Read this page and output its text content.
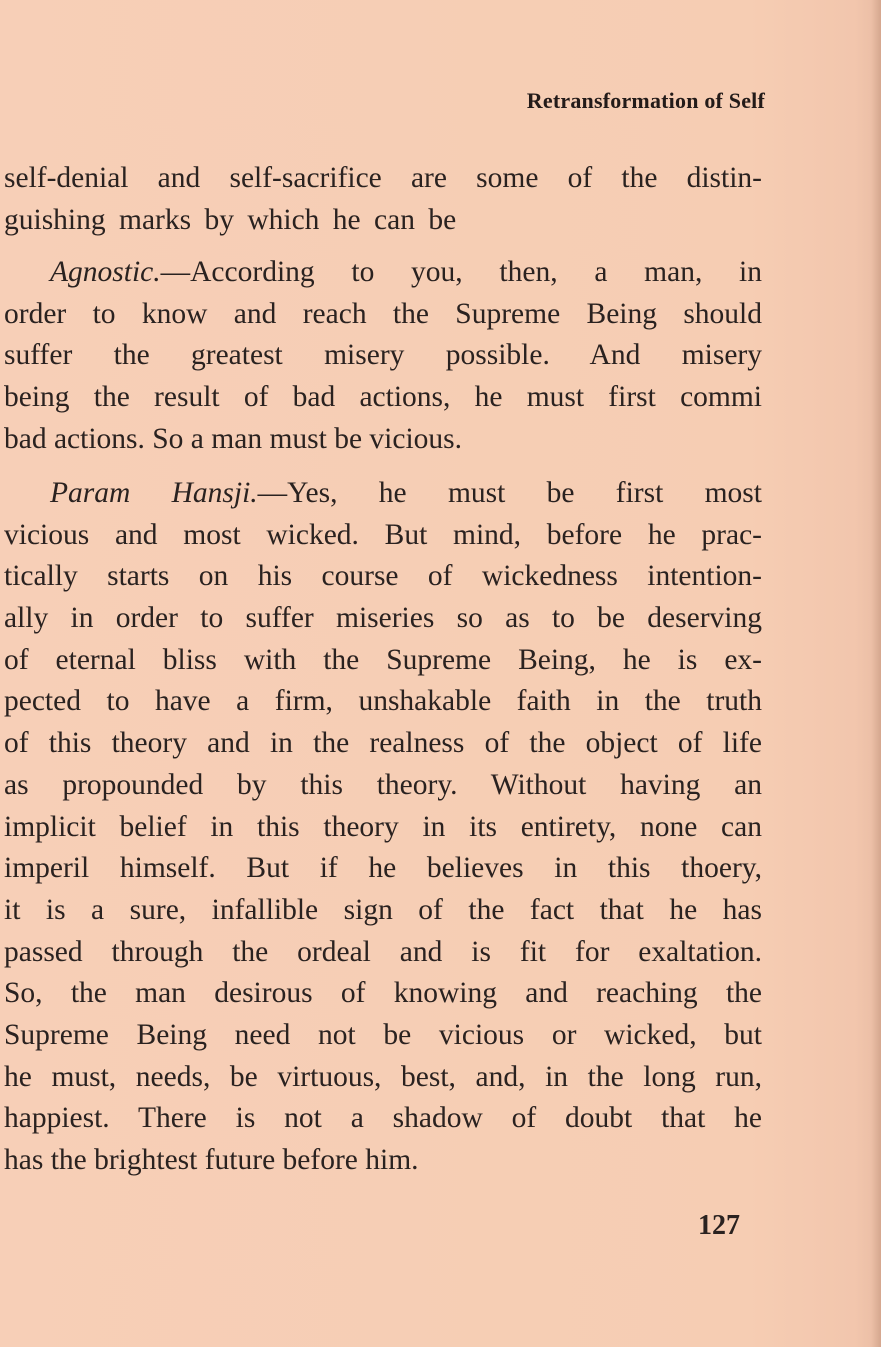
Retransformation of Self
self-denial and self-sacrifice are some of the distin-
guishing marks by which he can be
Agnostic.—According to you, then, a man, in
order to know and reach the Supreme Being should
suffer the greatest misery possible. And misery
being the result of bad actions, he must first commi
bad actions. So a man must be vicious.
Param Hansji.—Yes, he must be first most
vicious and most wicked. But mind, before he prac-
tically starts on his course of wickedness intention-
ally in order to suffer miseries so as to be deserving
of eternal bliss with the Supreme Being, he is ex-
pected to have a firm, unshakable faith in the truth
of this theory and in the realness of the object of life
as propounded by this theory. Without having an
implicit belief in this theory in its entirety, none can
imperil himself. But if he believes in this thoery,
it is a sure, infallible sign of the fact that he has
passed through the ordeal and is fit for exaltation.
So, the man desirous of knowing and reaching the
Supreme Being need not be vicious or wicked, but
he must, needs, be virtuous, best, and, in the long run,
happiest. There is not a shadow of doubt that he
has the brightest future before him.
127
